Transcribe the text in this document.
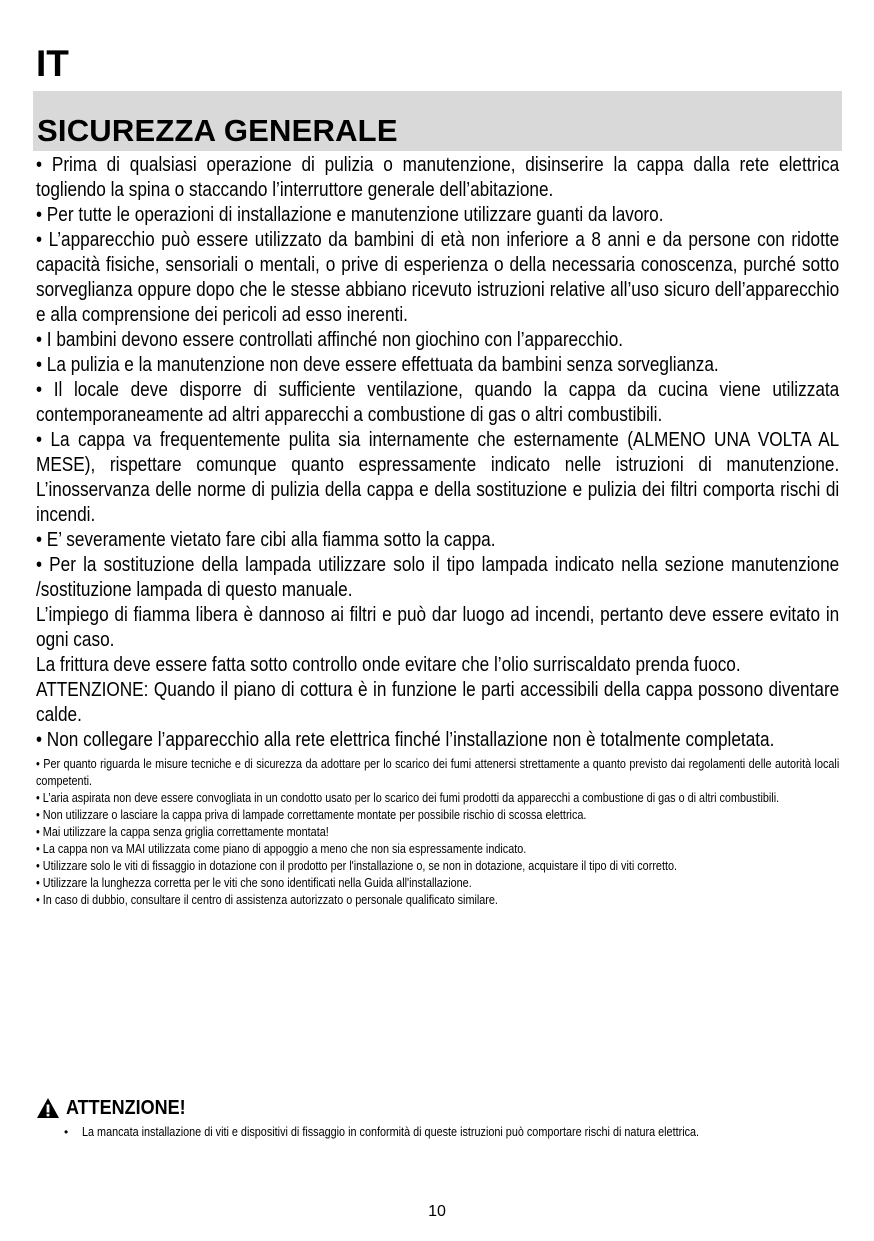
IT
SICUREZZA GENERALE

• Prima di qualsiasi operazione di pulizia o manutenzione, disinserire la cappa dalla rete elettrica togliendo la spina o staccando l’interruttore generale dell’abitazione.

• Per tutte le operazioni di installazione e manutenzione utilizzare guanti da lavoro.

• L’apparecchio può essere utilizzato da bambini di età non inferiore a 8 anni e da persone con ridotte capacità fisiche, sensoriali o mentali, o prive di esperienza o della necessaria conoscenza, purché sotto sorveglianza oppure dopo che le stesse abbiano ricevuto istruzioni relative all’uso sicuro dell’apparecchio e alla comprensione dei pericoli ad esso inerenti.

• I bambini devono essere controllati affinché non giochino con l’apparecchio.

• La pulizia e la manutenzione non deve essere effettuata da bambini senza sorveglianza.

• Il locale deve disporre di sufficiente ventilazione, quando la cappa da cucina viene utilizzata contemporaneamente ad altri apparecchi a combustione di gas o altri combustibili.

• La cappa va frequentemente pulita sia internamente che esternamente (ALMENO UNA VOLTA AL MESE), rispettare comunque quanto espressamente indicato nelle istruzioni di manutenzione. L’inosservanza delle norme di pulizia della cappa e della sostituzione e pulizia dei filtri comporta rischi di incendi.

• E’ severamente vietato fare cibi alla fiamma sotto la cappa.

• Per la sostituzione della lampada utilizzare solo il tipo lampada indicato nella sezione manutenzione /sostituzione lampada di questo manuale.

L’impiego di fiamma libera è dannoso ai filtri e può dar luogo ad incendi, pertanto deve essere evitato in ogni caso.

La frittura deve essere fatta sotto controllo onde evitare che l’olio surriscaldato prenda fuoco.

ATTENZIONE: Quando il piano di cottura è in funzione le parti accessibili della cappa possono diventare calde.

• Non collegare l’apparecchio alla rete elettrica finché l’installazione non è totalmente completata.

• Per quanto riguarda le misure tecniche e di sicurezza da adottare per lo scarico dei fumi attenersi strettamente a quanto previsto dai regolamenti delle autorità locali competenti.

• L’aria aspirata non deve essere convogliata in un condotto usato per lo scarico dei fumi prodotti da apparecchi a combustione di gas o di altri combustibili.

• Non utilizzare o lasciare la cappa priva di lampade correttamente montate per possibile rischio di scossa elettrica.

• Mai utilizzare la cappa senza griglia correttamente montata!

• La cappa non va MAI utilizzata come piano di appoggio a meno che non sia espressamente indicato.

• Utilizzare solo le viti di fissaggio in dotazione con il prodotto per l'installazione o, se non in dotazione, acquistare il tipo di viti corretto.

• Utilizzare la lunghezza corretta per le viti che sono identificati nella Guida all'installazione.

• In caso di dubbio, consultare il centro di assistenza autorizzato o personale qualificato similare.

ATTENZIONE!
• La mancata installazione di viti e dispositivi di fissaggio in conformità di queste istruzioni può comportare rischi di natura elettrica.
10
